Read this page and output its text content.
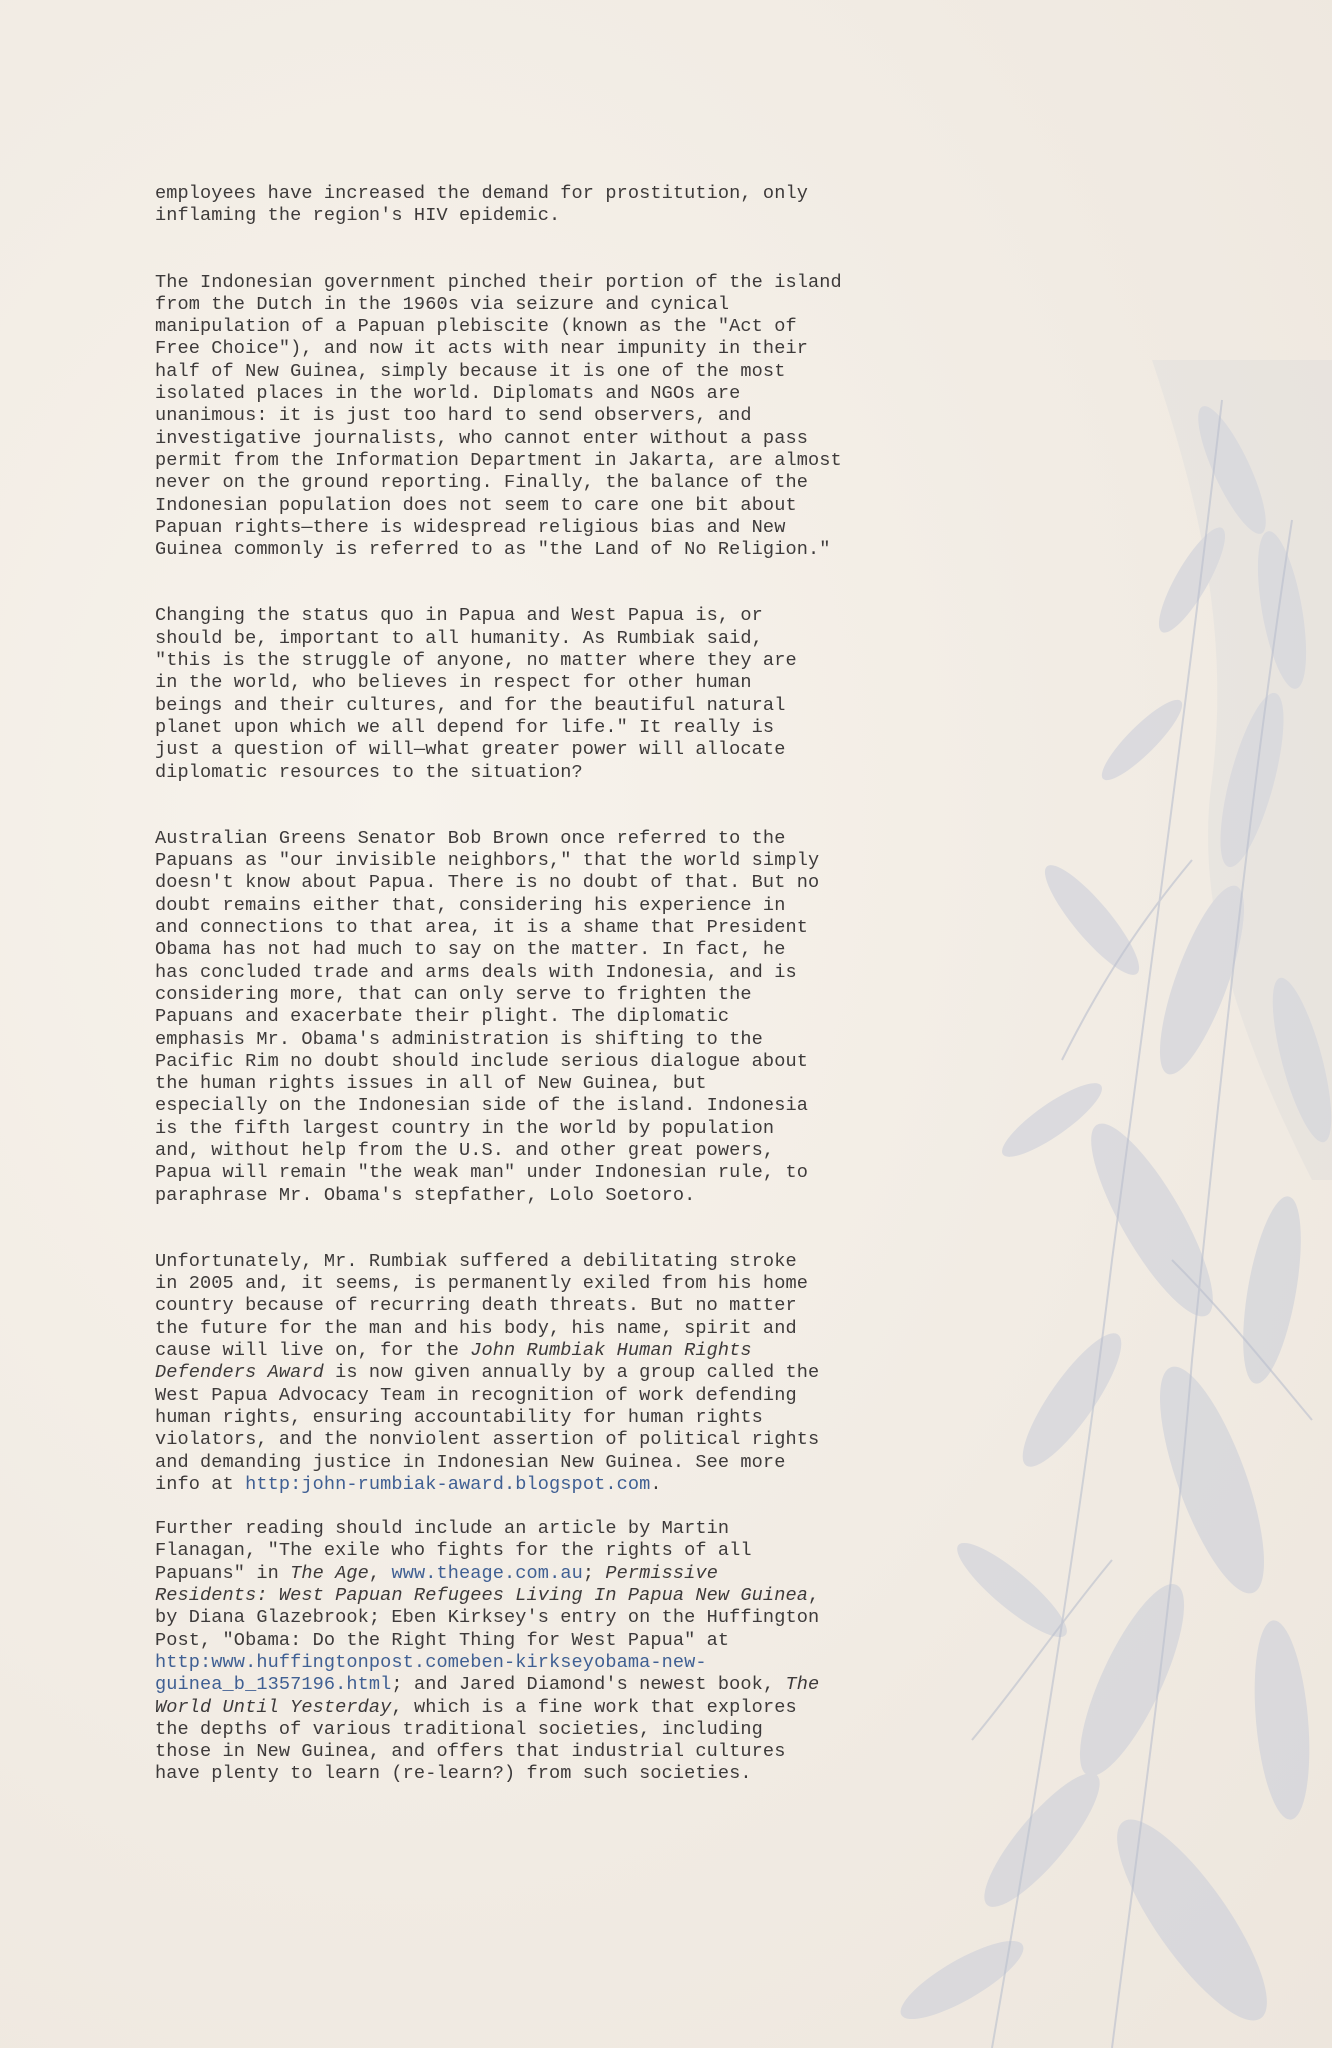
employees have increased the demand for prostitution, only
inflaming the region's HIV epidemic.

The Indonesian government pinched their portion of the island
from the Dutch in the 1960s via seizure and cynical
manipulation of a Papuan plebiscite (known as the "Act of
Free Choice"), and now it acts with near impunity in their
half of New Guinea, simply because it is one of the most
isolated places in the world. Diplomats and NGOs are
unanimous: it is just too hard to send observers, and
investigative journalists, who cannot enter without a pass
permit from the Information Department in Jakarta, are almost
never on the ground reporting. Finally, the balance of the
Indonesian population does not seem to care one bit about
Papuan rights—there is widespread religious bias and New
Guinea commonly is referred to as "the Land of No Religion."

Changing the status quo in Papua and West Papua is, or
should be, important to all humanity. As Rumbiak said,
"this is the struggle of anyone, no matter where they are
in the world, who believes in respect for other human
beings and their cultures, and for the beautiful natural
planet upon which we all depend for life." It really is
just a question of will—what greater power will allocate
diplomatic resources to the situation?

Australian Greens Senator Bob Brown once referred to the
Papuans as "our invisible neighbors," that the world simply
doesn't know about Papua. There is no doubt of that. But no
doubt remains either that, considering his experience in
and connections to that area, it is a shame that President
Obama has not had much to say on the matter. In fact, he
has concluded trade and arms deals with Indonesia, and is
considering more, that can only serve to frighten the
Papuans and exacerbate their plight. The diplomatic
emphasis Mr. Obama's administration is shifting to the
Pacific Rim no doubt should include serious dialogue about
the human rights issues in all of New Guinea, but
especially on the Indonesian side of the island. Indonesia
is the fifth largest country in the world by population
and, without help from the U.S. and other great powers,
Papua will remain "the weak man" under Indonesian rule, to
paraphrase Mr. Obama's stepfather, Lolo Soetoro.

Unfortunately, Mr. Rumbiak suffered a debilitating stroke
in 2005 and, it seems, is permanently exiled from his home
country because of recurring death threats. But no matter
the future for the man and his body, his name, spirit and
cause will live on, for the John Rumbiak Human Rights
Defenders Award is now given annually by a group called the
West Papua Advocacy Team in recognition of work defending
human rights, ensuring accountability for human rights
violators, and the nonviolent assertion of political rights
and demanding justice in Indonesian New Guinea. See more
info at http:john-rumbiak-award.blogspot.com.

Further reading should include an article by Martin
Flanagan, "The exile who fights for the rights of all
Papuans" in The Age, www.theage.com.au; Permissive
Residents: West Papuan Refugees Living In Papua New Guinea,
by Diana Glazebrook; Eben Kirksey's entry on the Huffington
Post, "Obama: Do the Right Thing for West Papua" at
http:www.huffingtonpost.comeben-kirkseyobama-new-
guinea_b_1357196.html; and Jared Diamond's newest book, The
World Until Yesterday, which is a fine work that explores
the depths of various traditional societies, including
those in New Guinea, and offers that industrial cultures
have plenty to learn (re-learn?) from such societies.
